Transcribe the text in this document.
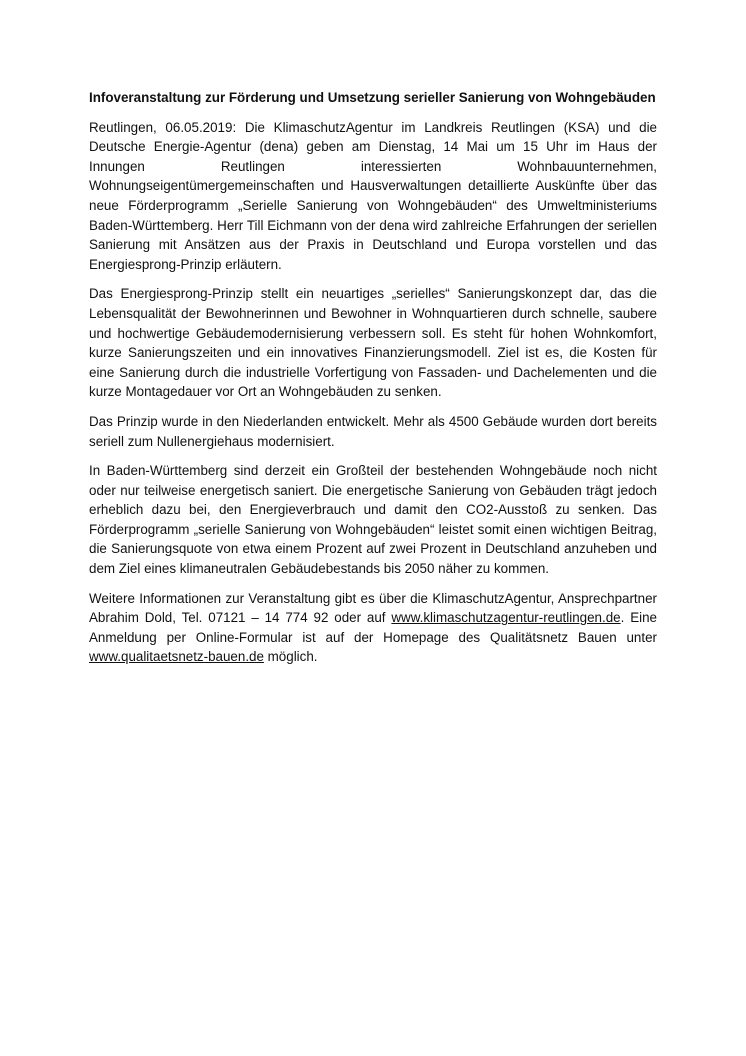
Infoveranstaltung zur Förderung und Umsetzung serieller Sanierung von Wohngebäuden

Reutlingen, 06.05.2019: Die KlimaschutzAgentur im Landkreis Reutlingen (KSA) und die Deutsche Energie-Agentur (dena) geben am Dienstag, 14 Mai um 15 Uhr im Haus der Innungen Reutlingen interessierten Wohnbauunternehmen, Wohnungseigentümergemeinschaften und Hausverwaltungen detaillierte Auskünfte über das neue Förderprogramm „Serielle Sanierung von Wohngebäuden“ des Umweltministeriums Baden-Württemberg. Herr Till Eichmann von der dena wird zahlreiche Erfahrungen der seriellen Sanierung mit Ansätzen aus der Praxis in Deutschland und Europa vorstellen und das Energiesprong-Prinzip erläutern.

Das Energiesprong-Prinzip stellt ein neuartiges „serielles“ Sanierungskonzept dar, das die Lebensqualität der Bewohnerinnen und Bewohner in Wohnquartieren durch schnelle, saubere und hochwertige Gebäudemodernisierung verbessern soll. Es steht für hohen Wohnkomfort, kurze Sanierungszeiten und ein innovatives Finanzierungsmodell. Ziel ist es, die Kosten für eine Sanierung durch die industrielle Vorfertigung von Fassaden- und Dachelementen und die kurze Montagedauer vor Ort an Wohngebäuden zu senken.

Das Prinzip wurde in den Niederlanden entwickelt. Mehr als 4500 Gebäude wurden dort bereits seriell zum Nullenergiehaus modernisiert.

In Baden-Württemberg sind derzeit ein Großteil der bestehenden Wohngebäude noch nicht oder nur teilweise energetisch saniert. Die energetische Sanierung von Gebäuden trägt jedoch erheblich dazu bei, den Energieverbrauch und damit den CO2-Ausstoß zu senken. Das Förderprogramm „serielle Sanierung von Wohngebäuden“ leistet somit einen wichtigen Beitrag, die Sanierungsquote von etwa einem Prozent auf zwei Prozent in Deutschland anzuheben und dem Ziel eines klimaneutralen Gebäudebestands bis 2050 näher zu kommen.

Weitere Informationen zur Veranstaltung gibt es über die KlimaschutzAgentur, Ansprechpartner Abrahim Dold, Tel. 07121 – 14 774 92 oder auf www.klimaschutzagentur-reutlingen.de. Eine Anmeldung per Online-Formular ist auf der Homepage des Qualitätsnetz Bauen unter www.qualitaetsnetz-bauen.de möglich.
